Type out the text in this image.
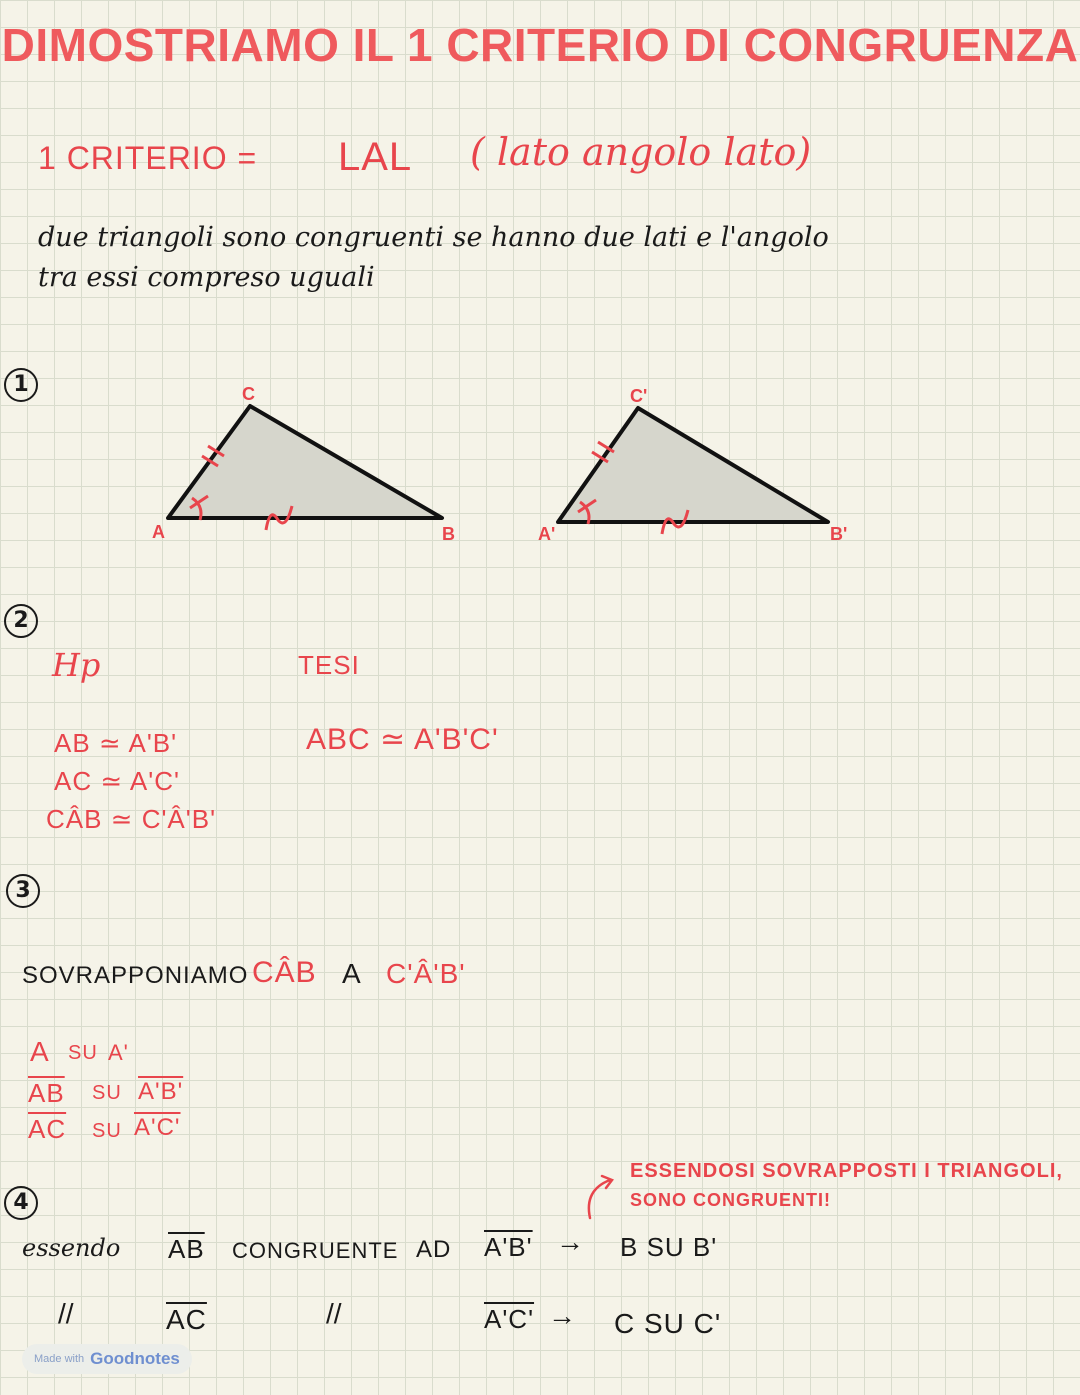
DIMOSTRIAMO IL 1 CRITERIO DI CONGRUENZA
1 CRITERIO = LAL ( lato angolo lato)
due triangoli sono congruenti se hanno due lati e l'angolo
tra essi compreso uguali
1
A	B
C
A'	B'
C'
2
Hp
AB ≃ A'B'
AC ≃ A'C'
CÂB ≃ C'Â'B'
TESI
ABC ≃ A'B'C'
3
SOVRAPPONIAMO CÂB A C'Â'B'
A SU A'
$\overline{AB}$ SU A'B'
$\overline{AC}$ SU A'C'
4
ESSENDOSI SOVRAPPOSTI I TRIANGOLI,
SONO CONGRUENTI!
essendo $\overline{AB}$ CONGRUENTE AD A'B' → B SU B'
//	$\overline{AC}$	//	A'C' → C SU C'
Made with Goodnotes
